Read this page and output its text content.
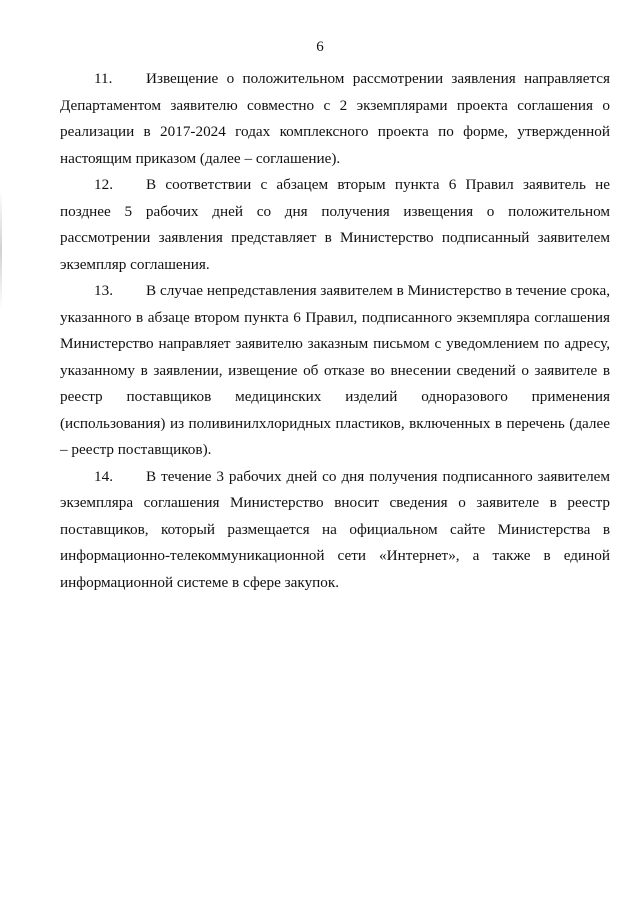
6

11. Извещение о положительном рассмотрении заявления направляется Департаментом заявителю совместно с 2 экземплярами проекта соглашения о реализации в 2017-2024 годах комплексного проекта по форме, утвержденной настоящим приказом (далее – соглашение).

12. В соответствии с абзацем вторым пункта 6 Правил заявитель не позднее 5 рабочих дней со дня получения извещения о положительном рассмотрении заявления представляет в Министерство подписанный заявителем экземпляр соглашения.

13. В случае непредставления заявителем в Министерство в течение срока, указанного в абзаце втором пункта 6 Правил, подписанного экземпляра соглашения Министерство направляет заявителю заказным письмом с уведомлением по адресу, указанному в заявлении, извещение об отказе во внесении сведений о заявителе в реестр поставщиков медицинских изделий одноразового применения (использования) из поливинилхлоридных пластиков, включенных в перечень (далее – реестр поставщиков).

14. В течение 3 рабочих дней со дня получения подписанного заявителем экземпляра соглашения Министерство вносит сведения о заявителе в реестр поставщиков, который размещается на официальном сайте Министерства в информационно-телекоммуникационной сети «Интернет», а также в единой информационной системе в сфере закупок.
